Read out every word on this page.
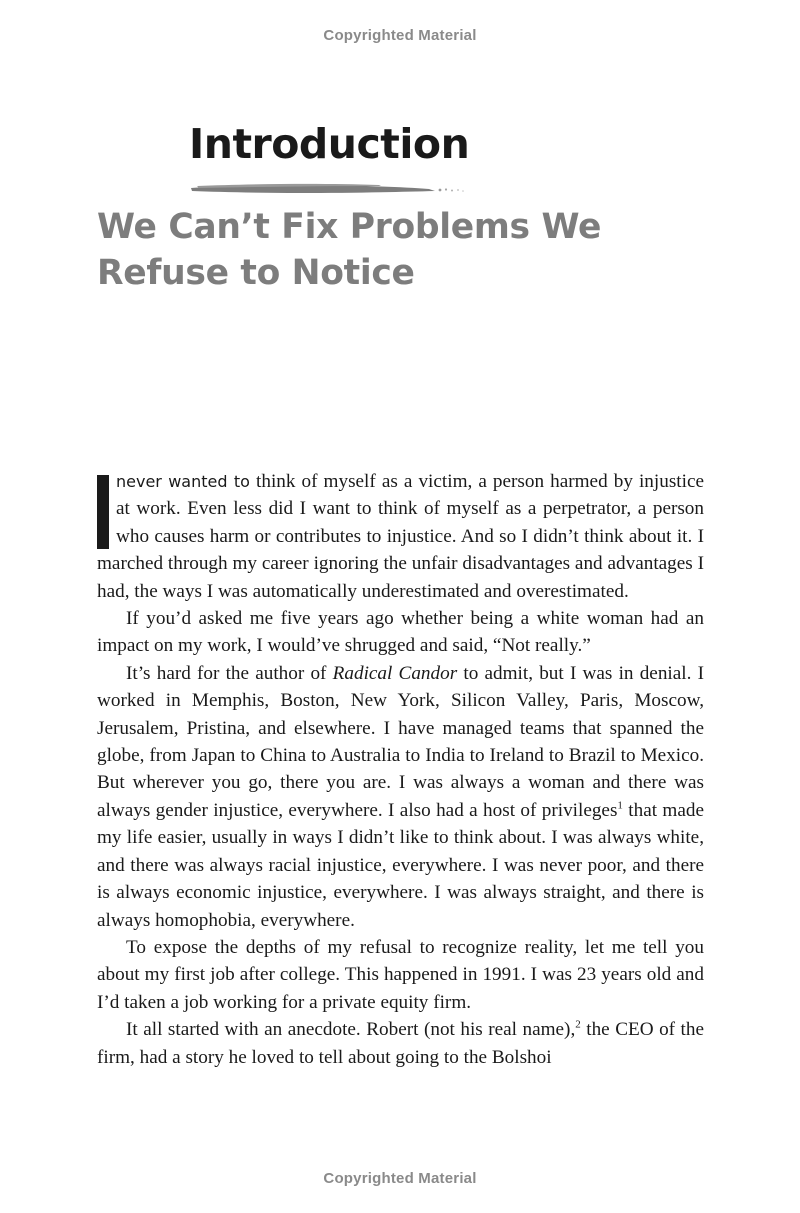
Copyrighted Material
Introduction
We Can’t Fix Problems We
Refuse to Notice

never wanted to think of myself as a victim, a person harmed by injustice at work. Even less did I want to think of myself as a perpetrator, a person who causes harm or contributes to injustice. And so I didn’t think about it. I marched through my career ignoring the unfair disadvantages and advantages I had, the ways I was automatically underestimated and overestimated.

If you’d asked me five years ago whether being a white woman had an impact on my work, I would’ve shrugged and said, “Not really.”

It’s hard for the author of Radical Candor to admit, but I was in denial. I worked in Memphis, Boston, New York, Silicon Valley, Paris, Moscow, Jerusalem, Pristina, and elsewhere. I have managed teams that spanned the globe, from Japan to China to Australia to India to Ireland to Brazil to Mexico. But wherever you go, there you are. I was always a woman and there was always gender injustice, everywhere. I also had a host of privileges$^1$ that made my life easier, usually in ways I didn’t like to think about. I was always white, and there was always racial injustice, everywhere. I was never poor, and there is always economic injustice, everywhere. I was always straight, and there is always homophobia, everywhere.

To expose the depths of my refusal to recognize reality, let me tell you about my first job after college. This happened in 1991. I was 23 years old and I’d taken a job working for a private equity firm.

It all started with an anecdote. Robert (not his real name),$^2$ the CEO of the firm, had a story he loved to tell about going to the Bolshoi

Copyrighted Material
